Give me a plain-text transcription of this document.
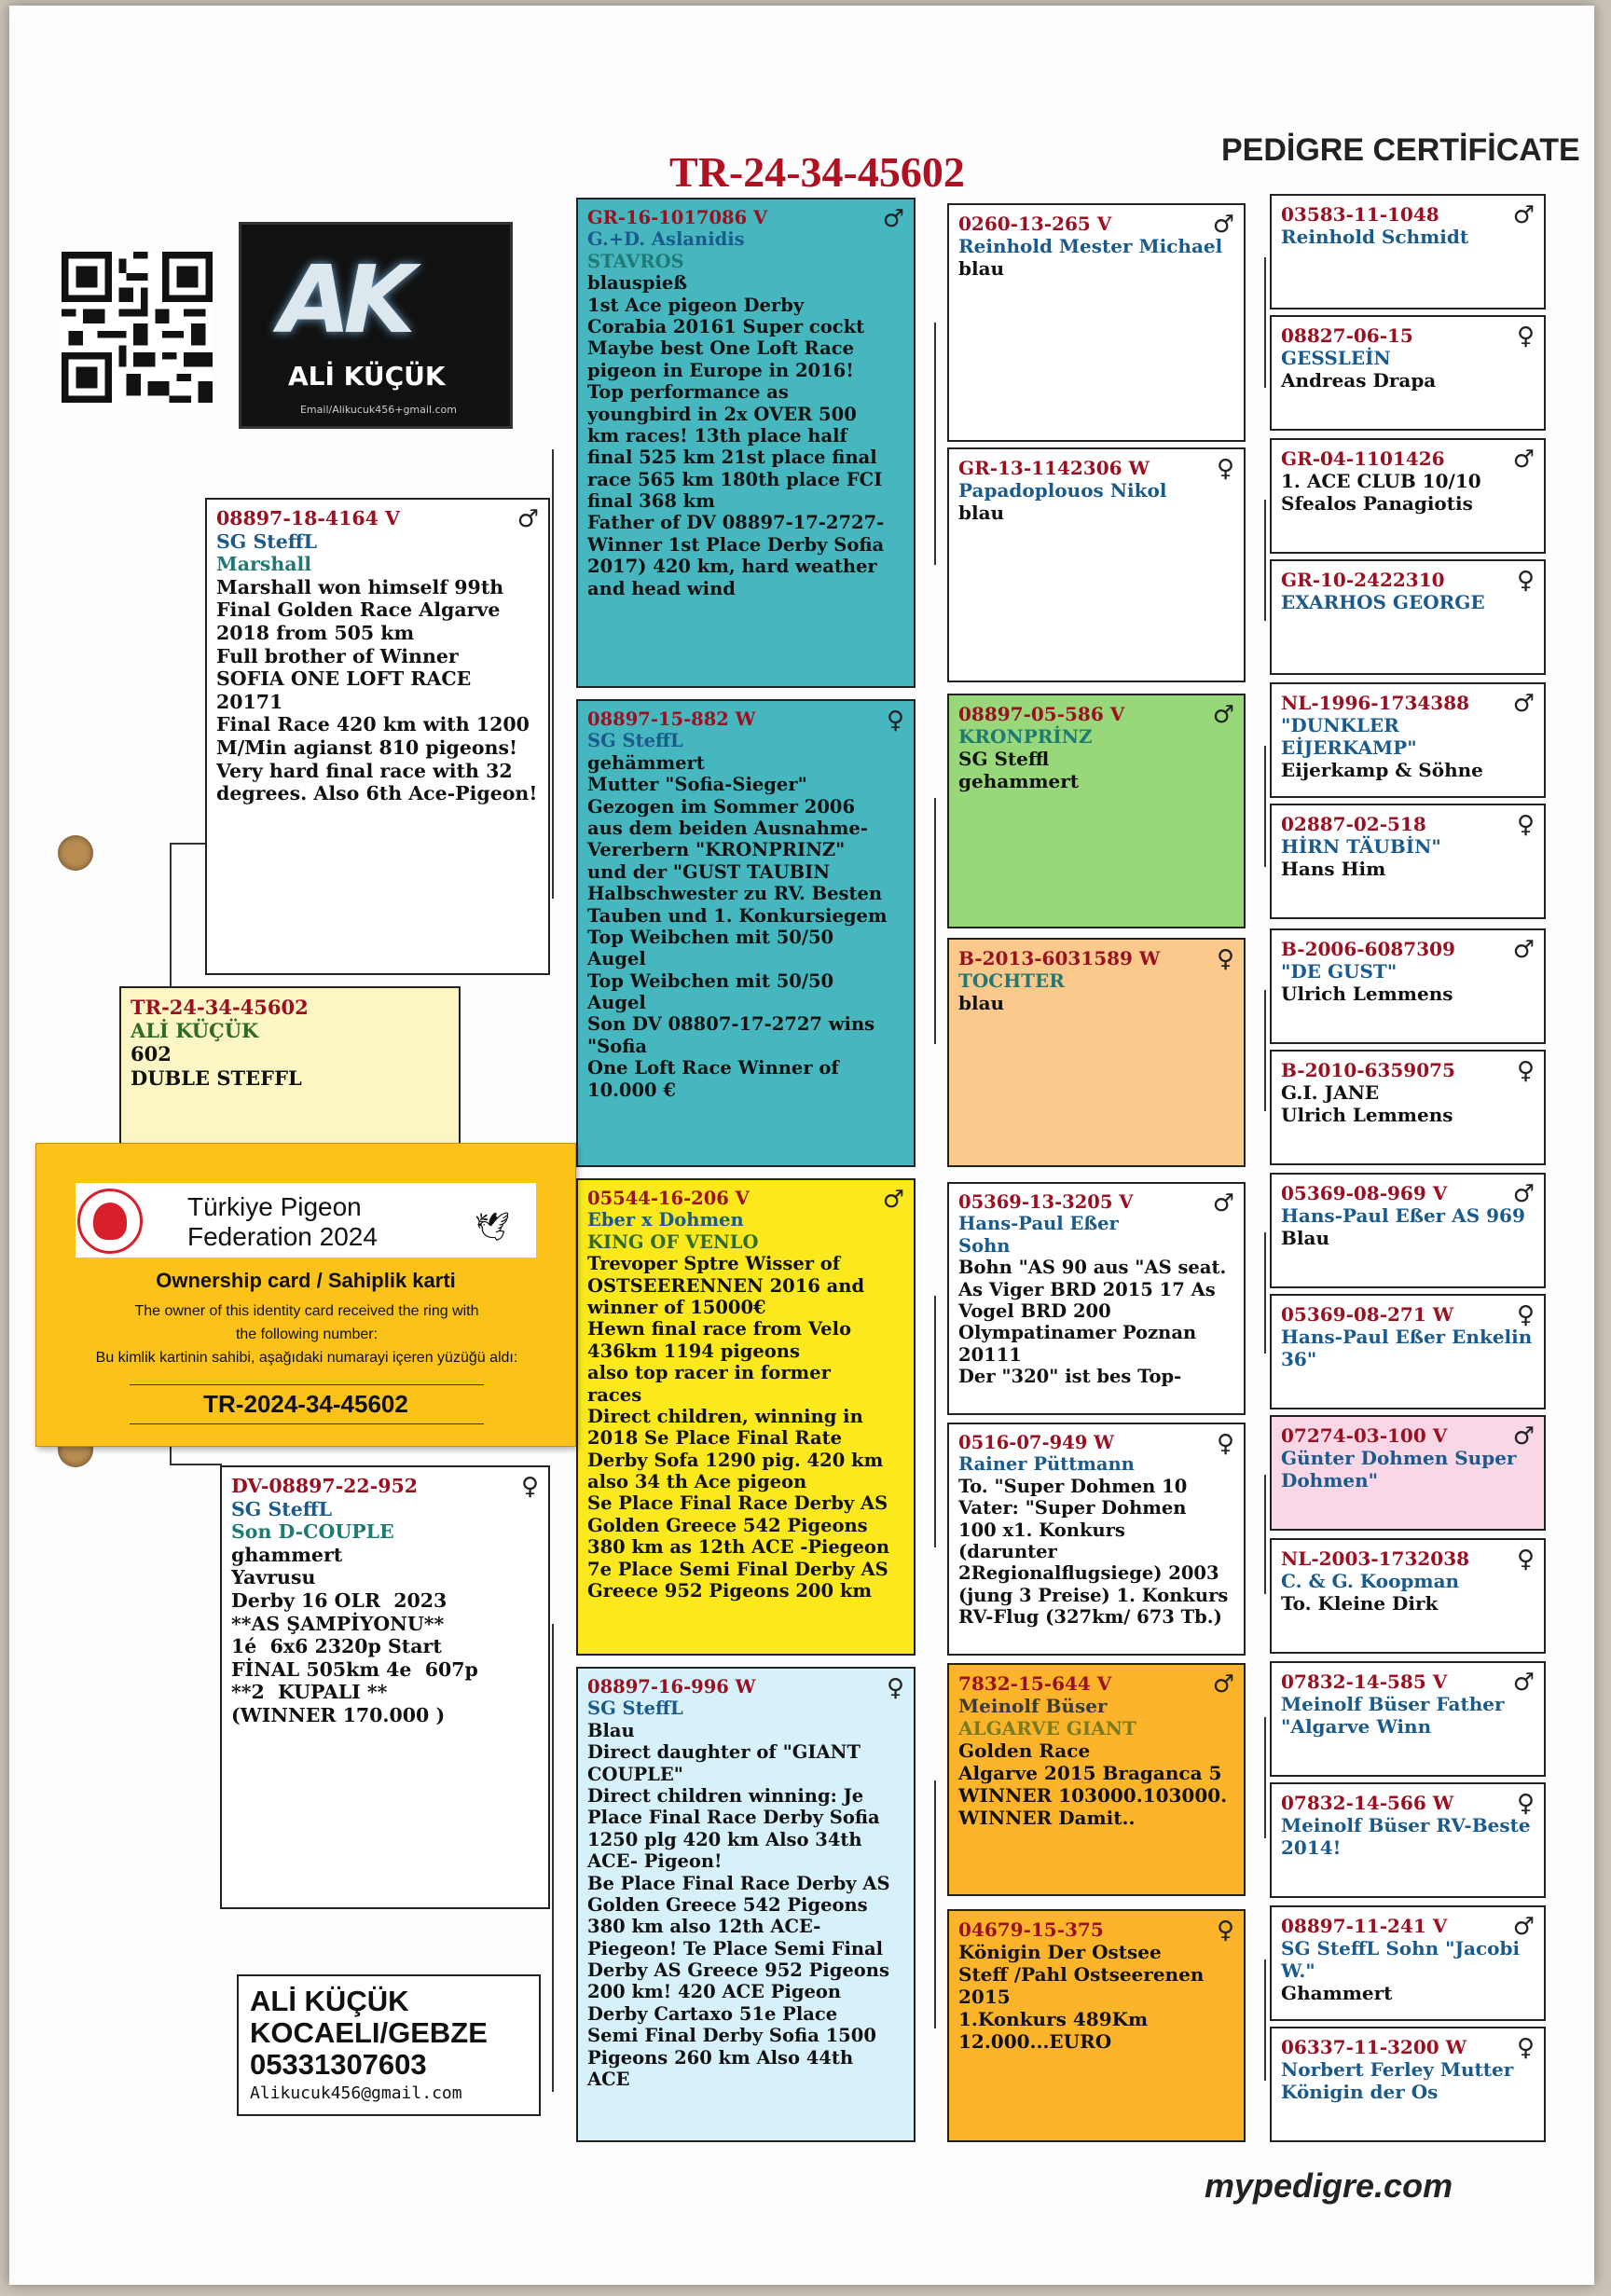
TR-24-34-45602	PEDİGRE CERTİFİCATE
mypedigre.com
AK
ALİ KÜÇÜK
Email/Alikucuk456+gmail.com
TR-24-34-45602
ALİ KÜÇÜK
602
DUBLE STEFFL
♂
08897-18-4164 V
SG SteffL
Marshall
Marshall won himself 99th
Final Golden Race Algarve
2018 from 505 km
Full brother of Winner
SOFIA ONE LOFT RACE 20171
Final Race 420 km with 1200
M/Min agianst 810 pigeons!
Very hard final race with 32
degrees. Also 6th Ace-Pigeon!
♀
DV-08897-22-952
SG SteffL
Son D-COUPLE
ghammert
Yavrusu
Derby 16 OLR  2023
**AS ŞAMPİYONU**
1é  6x6 2320p Start
FİNAL 505km 4e  607p
**2  KUPALI **
(WINNER 170.000 )
♂
GR-16-1017086 V
G.+D. Aslanidis
STAVROS
blauspieß
1st Ace pigeon Derby
Corabia 20161 Super cockt
Maybe best One Loft Race
pigeon in Europe in 2016!
Top performance as
youngbird in 2x OVER 500
km races! 13th place half
final 525 km 21st place final
race 565 km 180th place FCI
final 368 km
Father of DV 08897-17-2727-
Winner 1st Place Derby Sofia
2017) 420 km, hard weather
and head wind
♀
08897-15-882 W
SG SteffL
gehämmert
Mutter "Sofia-Sieger"
Gezogen im Sommer 2006
aus dem beiden Ausnahme-
Vererbern "KRONPRINZ"
und der "GUST TAUBIN
Halbschwester zu RV. Besten
Tauben und 1. Konkursiegem
Top Weibchen mit 50/50
Augel
Top Weibchen mit 50/50
Augel
Son DV 08807-17-2727 wins
"Sofia
One Loft Race Winner of
10.000 €
♂
05544-16-206 V
Eber x Dohmen
KING OF VENLO
Trevoper Sptre Wisser of
OSTSEERENNEN 2016 and
winner of 15000€
Hewn final race from Velo
436km 1194 pigeons
also top racer in former
races
Direct children, winning in
2018 Se Place Final Rate
Derby Sofa 1290 pig. 420 km
also 34 th Ace pigeon
Se Place Final Race Derby AS
Golden Greece 542 Pigeons
380 km as 12th ACE -Piegeon
7e Place Semi Final Derby AS
Greece 952 Pigeons 200 km
♀
08897-16-996 W
SG SteffL
Blau
Direct daughter of "GIANT
COUPLE"
Direct children winning: Je
Place Final Race Derby Sofia
1250 plg 420 km Also 34th
ACE- Pigeon!
Be Place Final Race Derby AS
Golden Greece 542 Pigeons
380 km also 12th ACE-
Piegeon! Te Place Semi Final
Derby AS Greece 952 Pigeons
200 km! 420 ACE Pigeon
Derby Cartaxo 51e Place
Semi Final Derby Sofia 1500
Pigeons 260 km Also 44th
ACE
♂
0260-13-265 V
Reinhold Mester Michael
blau
♀
GR-13-1142306 W
Papadoplouos Nikol
blau
♂
08897-05-586 V
KRONPRİNZ
SG Steffl
gehammert
♀
B-2013-6031589 W
TOCHTER
blau
♂
05369-13-3205 V
Hans-Paul Eßer
Sohn
Bohn "AS 90 aus "AS seat.
As Viger BRD 2015 17 As
Vogel BRD 200
Olympatinamer Poznan
20111
Der "320" ist bes Top-
♀
0516-07-949 W
Rainer Püttmann
To. "Super Dohmen 10
Vater: "Super Dohmen
100 x1. Konkurs
(darunter
2Regionalflugsiege) 2003
(jung 3 Preise) 1. Konkurs
RV-Flug (327km/ 673 Tb.)
♂
7832-15-644 V
Meinolf Büser
ALGARVE GIANT
Golden Race
Algarve 2015 Braganca 5
WINNER 103000.103000.
WINNER Damit..
♀
04679-15-375
Königin Der Ostsee
Steff /Pahl Ostseerenen
2015
1.Konkurs 489Km
12.000...EURO
♂
03583-11-1048
Reinhold Schmidt
♀
08827-06-15
GESSLEİN
Andreas Drapa
♂
GR-04-1101426
1. ACE CLUB 10/10
Sfealos Panagiotis
♀
GR-10-2422310
EXARHOS GEORGE
♂
NL-1996-1734388
"DUNKLER EİJERKAMP"
Eijerkamp & Söhne
♀
02887-02-518
HİRN TÄUBİN"
Hans Him
♂
B-2006-6087309
"DE GUST"
Ulrich Lemmens
♀
B-2010-6359075
G.I. JANE
Ulrich Lemmens
♂
05369-08-969 V
Hans-Paul Eßer AS 969
Blau
♀
05369-08-271 W
Hans-Paul Eßer Enkelin 36"
♂
07274-03-100 V
Günter Dohmen Super Dohmen"
♀
NL-2003-1732038
C. & G. Koopman
To. Kleine Dirk
♂
07832-14-585 V
Meinolf Büser Father "Algarve Winn
♀
07832-14-566 W
Meinolf Büser RV-Beste 2014!
♂
08897-11-241 V
SG SteffL Sohn "Jacobi W."
Ghammert
♀
06337-11-3200 W
Norbert Ferley Mutter Königin der Os
ALİ KÜÇÜK
KOCAELI/GEBZE
05331307603
Alikucuk456@gmail.com
Türkiye Pigeon
Federation 2024	🕊
Ownership card / Sahiplik karti
The owner of this identity card received the ring with
the following number:
Bu kimlik kartinin sahibi, aşağıdaki numarayi içeren yüzüğü aldı:
TR-2024-34-45602
